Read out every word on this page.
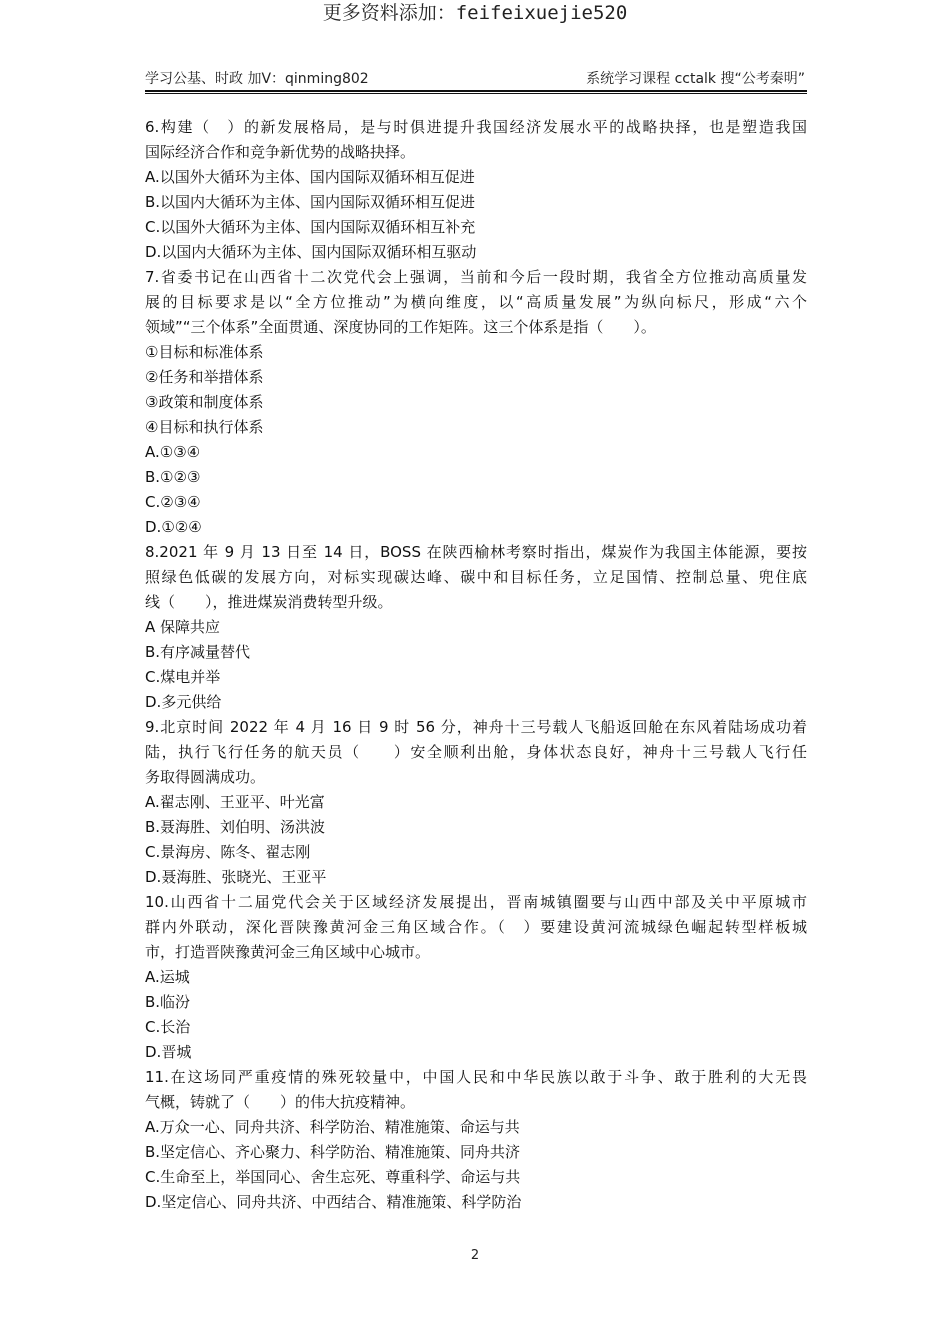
更多资料添加：feifeixuejie520
学习公基、时政 加V：qinming802	系统学习课程 cctalk 搜“公考秦明”
6.构建（　）的新发展格局，是与时俱进提升我国经济发展水平的战略抉择，也是塑造我国
国际经济合作和竞争新优势的战略抉择。
A.以国外大循环为主体、国内国际双循环相互促进
B.以国内大循环为主体、国内国际双循环相互促进
C.以国外大循环为主体、国内国际双循环相互补充
D.以国内大循环为主体、国内国际双循环相互驱动
7.省委书记在山西省十二次党代会上强调，当前和今后一段时期，我省全方位推动高质量发
展的目标要求是以“全方位推动”为横向维度，以“高质量发展”为纵向标尺，形成“六个
领域”“三个体系”全面贯通、深度协同的工作矩阵。这三个体系是指（　　）。
①目标和标准体系
②任务和举措体系
③政策和制度体系
④目标和执行体系
A.①③④
B.①②③
C.②③④
D.①②④
8.2021 年 9 月 13 日至 14 日，BOSS 在陕西榆林考察时指出，煤炭作为我国主体能源，要按
照绿色低碳的发展方向，对标实现碳达峰、碳中和目标任务，立足国情、控制总量、兜住底
线（　　），推进煤炭消费转型升级。
A 保障共应
B.有序减量替代
C.煤电并举
D.多元供给
9.北京时间 2022 年 4 月 16 日 9 时 56 分，神舟十三号载人飞船返回舱在东风着陆场成功着
陆，执行飞行任务的航天员（　　）安全顺利出舱，身体状态良好，神舟十三号载人飞行任
务取得圆满成功。
A.翟志刚、王亚平、叶光富
B.聂海胜、刘伯明、汤洪波
C.景海房、陈冬、翟志刚
D.聂海胜、张晓光、王亚平
10.山西省十二届党代会关于区域经济发展提出，晋南城镇圈要与山西中部及关中平原城市
群内外联动，深化晋陕豫黄河金三角区域合作。（　）要建设黄河流城绿色崛起转型样板城
市，打造晋陕豫黄河金三角区域中心城市。
A.运城
B.临汾
C.长治
D.晋城
11.在这场同严重疫情的殊死较量中，中国人民和中华民族以敢于斗争、敢于胜利的大无畏
气概，铸就了（　　）的伟大抗疫精神。
A.万众一心、同舟共济、科学防治、精准施策、命运与共
B.坚定信心、齐心聚力、科学防治、精准施策、同舟共济
C.生命至上，举国同心、舍生忘死、尊重科学、命运与共
D.坚定信心、同舟共济、中西结合、精准施策、科学防治
2
